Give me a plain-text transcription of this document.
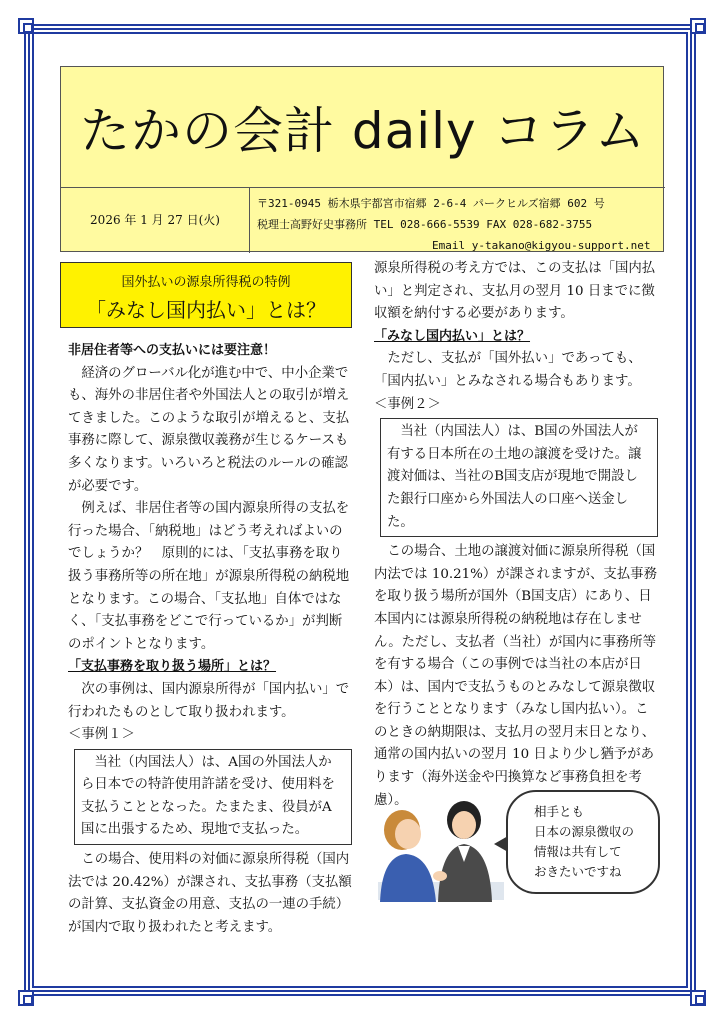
たかの会計 daily コラム
2026 年 1 月 27 日(火)
〒321-0945 栃木県宇都宮市宿郷 2-6-4 パークヒルズ宿郷 602 号
税理士高野好史事務所 TEL 028-666-5539 FAX 028-682-3755
Email y-takano@kigyou-support.net
国外払いの源泉所得税の特例
「みなし国内払い」とは？

非居住者等への支払いには要注意！

経済のグローバル化が進む中で、中小企業でも、海外の非居住者や外国法人との取引が増えてきました。このような取引が増えると、支払事務に際して、源泉徴収義務が生じるケースも多くなります。いろいろと税法のルールの確認が必要です。

例えば、非居住者等の国内源泉所得の支払を行った場合、「納税地」はどう考えればよいのでしょうか？　原則的には、「支払事務を取り扱う事務所等の所在地」が源泉所得税の納税地となります。この場合、「支払地」自体ではなく、「支払事務をどこで行っているか」が判断のポイントとなります。

「支払事務を取り扱う場所」とは？

次の事例は、国内源泉所得が「国内払い」で行われたものとして取り扱われます。

＜事例１＞

当社（内国法人）は、A国の外国法人から日本での特許使用許諾を受け、使用料を支払うこととなった。たまたま、役員がA国に出張するため、現地で支払った。

この場合、使用料の対価に源泉所得税（国内法では 20.42%）が課され、支払事務（支払額の計算、支払資金の用意、支払の一連の手続）が国内で取り扱われたと考えます。

源泉所得税の考え方では、この支払は「国内払い」と判定され、支払月の翌月 10 日までに徴収額を納付する必要があります。

「みなし国内払い」とは？

ただし、支払が「国外払い」であっても、「国内払い」とみなされる場合もあります。

＜事例２＞

当社（内国法人）は、B国の外国法人が有する日本所在の土地の譲渡を受けた。譲渡対価は、当社のB国支店が現地で開設した銀行口座から外国法人の口座へ送金した。

この場合、土地の譲渡対価に源泉所得税（国内法では 10.21%）が課されますが、支払事務を取り扱う場所が国外（B国支店）にあり、日本国内には源泉所得税の納税地は存在しません。ただし、支払者（当社）が国内に事務所等を有する場合（この事例では当社の本店が日本）は、国内で支払うものとみなして源泉徴収を行うこととなります（みなし国内払い）。このときの納期限は、支払月の翌月末日となり、通常の国内払いの翌月 10 日より少し猶予があります（海外送金や円換算など事務負担を考慮）。

相手とも
日本の源泉徴収の
情報は共有して
おきたいですね
